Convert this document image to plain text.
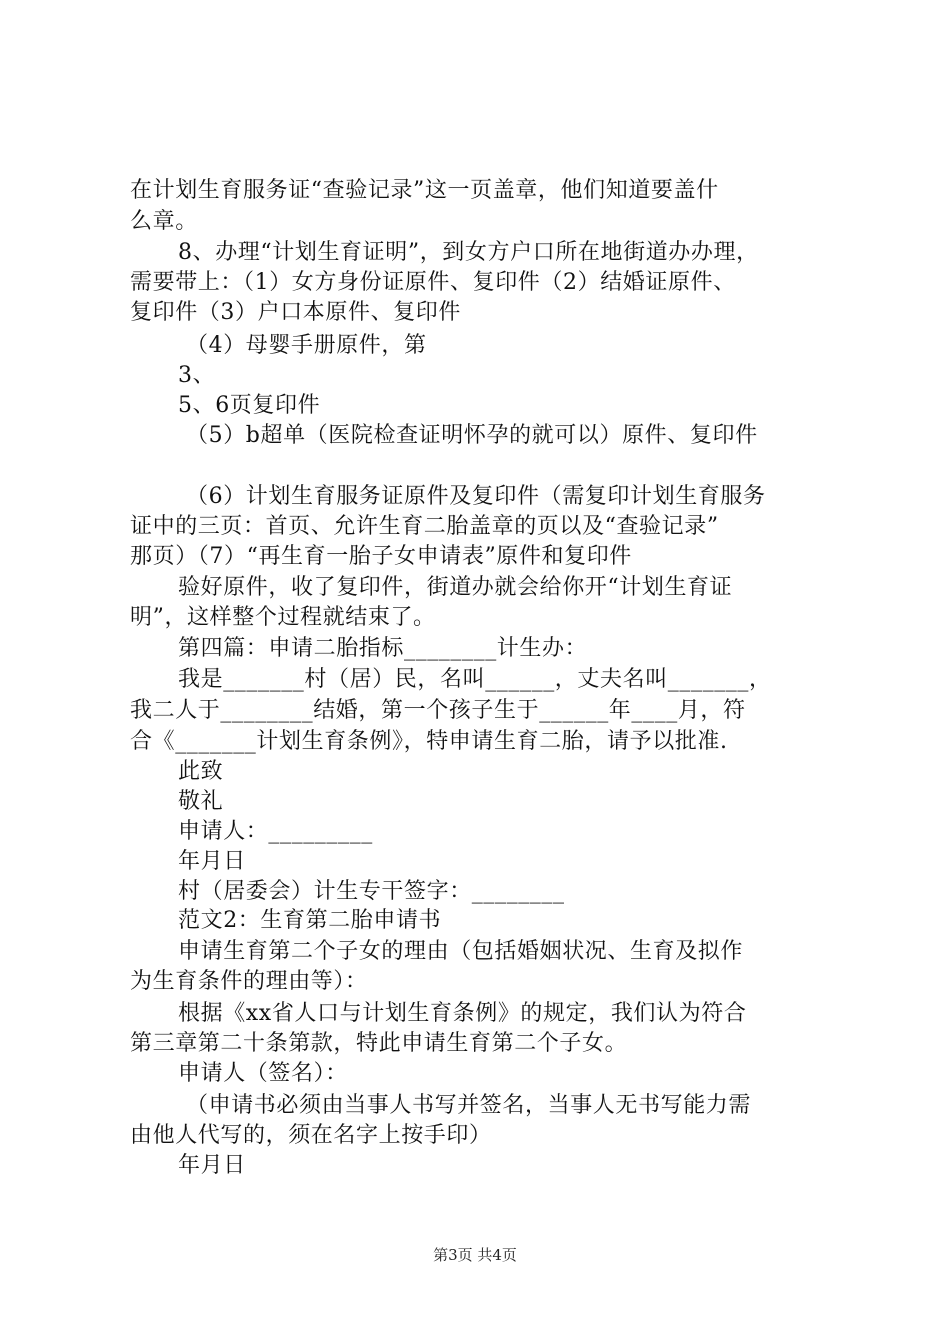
在计划生育服务证“查验记录”这一页盖章，他们知道要盖什
么章。
8、办理“计划生育证明”，到女方户口所在地街道办办理，
需要带上：（1）女方身份证原件、复印件（2）结婚证原件、
复印件（3）户口本原件、复印件
（4）母婴手册原件，第
3、
5、6页复印件
（5）b超单（医院检查证明怀孕的就可以）原件、复印件
（6）计划生育服务证原件及复印件（需复印计划生育服务
证中的三页：首页、允许生育二胎盖章的页以及“查验记录”
那页）（7）“再生育一胎子女申请表”原件和复印件
验好原件，收了复印件，街道办就会给你开“计划生育证
明”，这样整个过程就结束了。
第四篇：申请二胎指标________计生办：
我是_______村（居）民，名叫______，丈夫名叫_______，
我二人于________结婚，第一个孩子生于______年____月，符
合《_______计划生育条例》，特申请生育二胎，请予以批准.
此致
敬礼
申请人：_________
年月日
村（居委会）计生专干签字：________
范文2：生育第二胎申请书
申请生育第二个子女的理由（包括婚姻状况、生育及拟作
为生育条件的理由等）：
根据《xx省人口与计划生育条例》的规定，我们认为符合
第三章第二十条第款，特此申请生育第二个子女。
申请人（签名）：
（申请书必须由当事人书写并签名，当事人无书写能力需
由他人代写的，须在名字上按手印）
年月日
第3页 共4页
